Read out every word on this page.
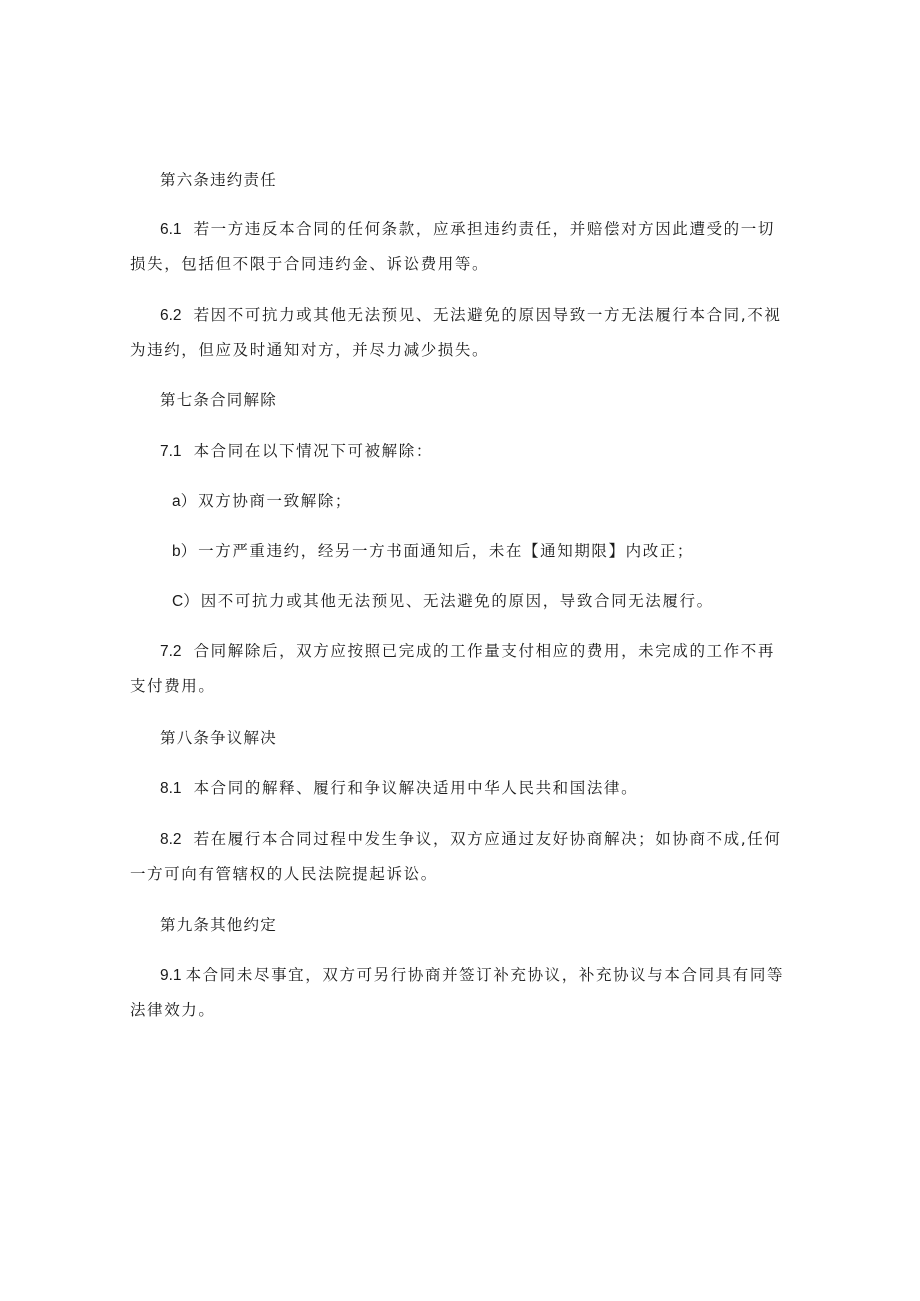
第六条违约责任

6.1 若一方违反本合同的任何条款，应承担违约责任，并赔偿对方因此遭受的一切损失，包括但不限于合同违约金、诉讼费用等。

6.2 若因不可抗力或其他无法预见、无法避免的原因导致一方无法履行本合同,不视为违约，但应及时通知对方，并尽力减少损失。

第七条合同解除

7.1 本合同在以下情况下可被解除：

a） 双方协商一致解除；

b） 一方严重违约，经另一方书面通知后，未在【通知期限】内改正；

C） 因不可抗力或其他无法预见、无法避免的原因，导致合同无法履行。

7.2 合同解除后，双方应按照已完成的工作量支付相应的费用，未完成的工作不再支付费用。

第八条争议解决

8.1 本合同的解释、履行和争议解决适用中华人民共和国法律。

8.2 若在履行本合同过程中发生争议，双方应通过友好协商解决；如协商不成,任何一方可向有管辖权的人民法院提起诉讼。

第九条其他约定

9.1 本合同未尽事宜，双方可另行协商并签订补充协议，补充协议与本合同具有同等法律效力。
